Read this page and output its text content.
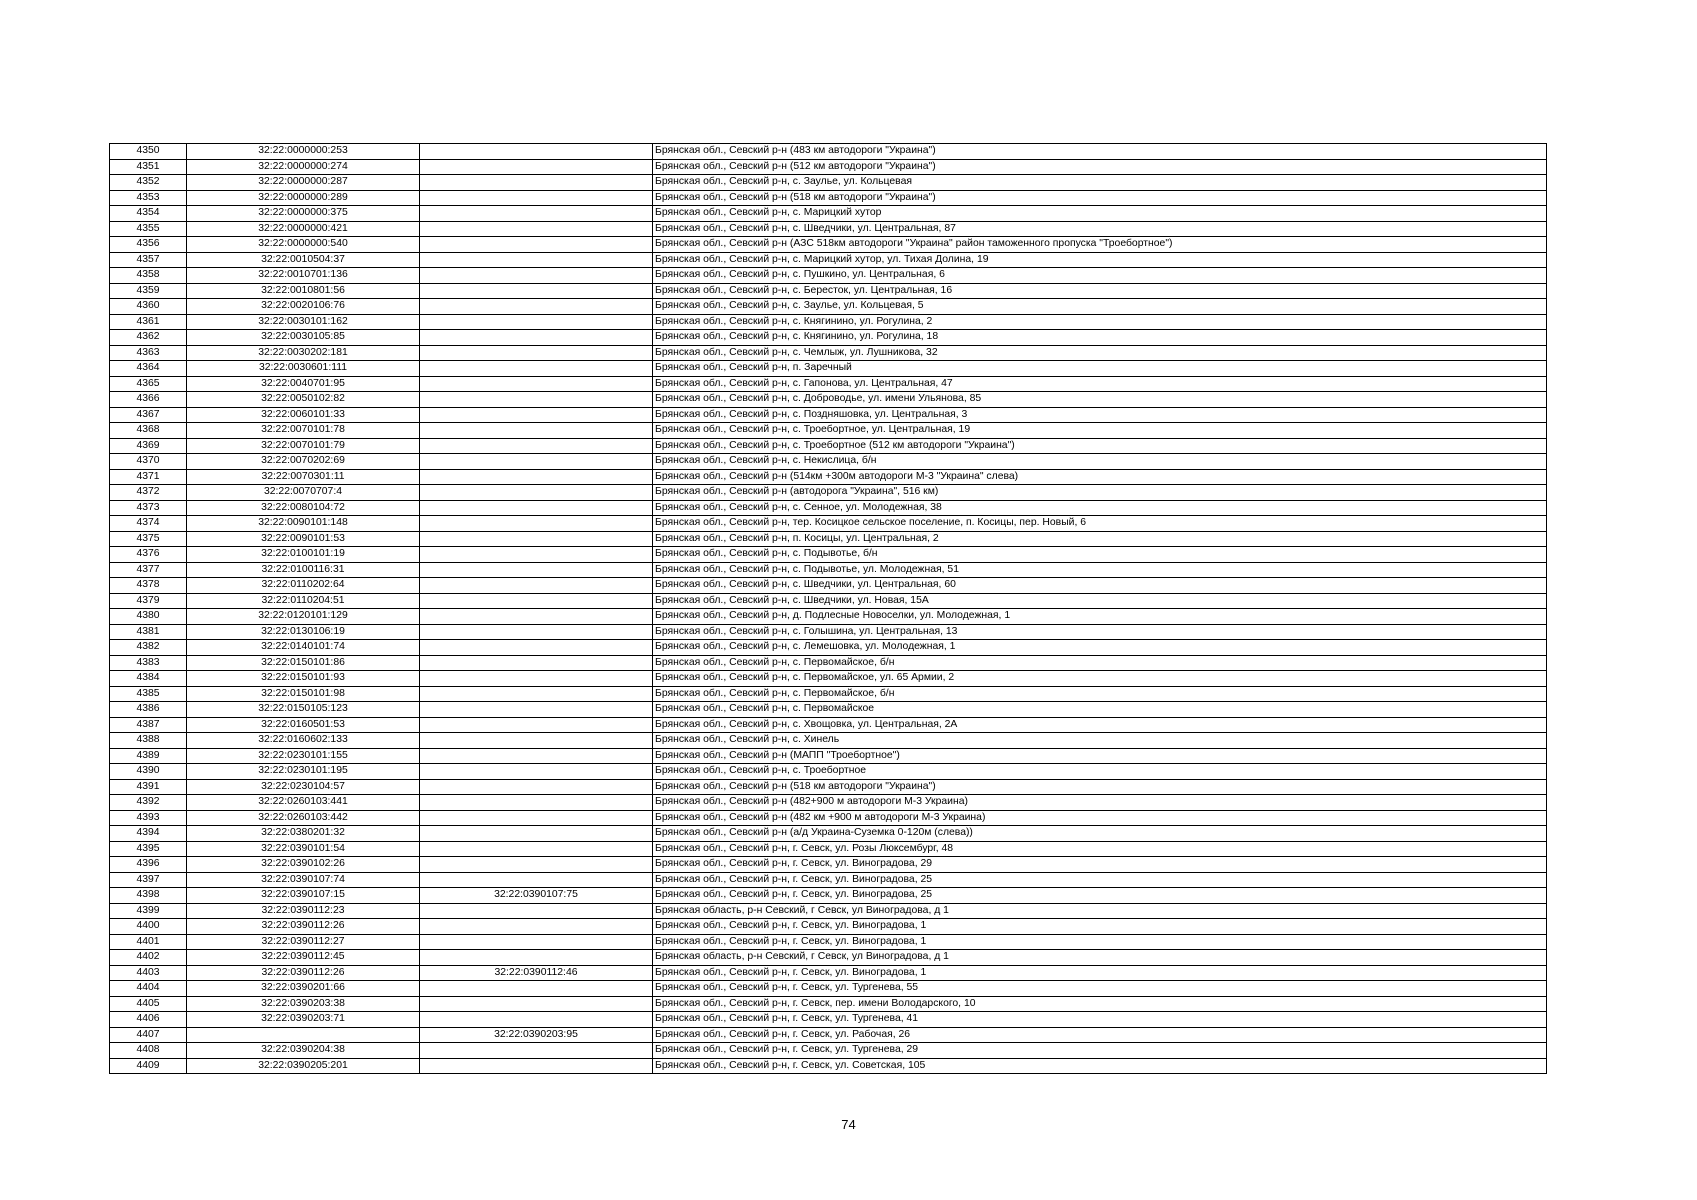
4350	32:22:0000000:253		Брянская обл., Севский р-н (483 км автодороги "Украина")
4351	32:22:0000000:274		Брянская обл., Севский р-н (512 км автодороги "Украина")
4352	32:22:0000000:287		Брянская обл., Севский р-н, с. Заулье, ул. Кольцевая
4353	32:22:0000000:289		Брянская обл., Севский р-н (518 км автодороги "Украина")
4354	32:22:0000000:375		Брянская обл., Севский р-н, с. Марицкий хутор
4355	32:22:0000000:421		Брянская обл., Севский р-н, с. Шведчики, ул. Центральная, 87
4356	32:22:0000000:540		Брянская обл., Севский р-н (АЗС 518км автодороги "Украина" район таможенного пропуска "Троебортное")
4357	32:22:0010504:37		Брянская обл., Севский р-н, с. Марицкий хутор, ул. Тихая Долина, 19
4358	32:22:0010701:136		Брянская обл., Севский р-н, с. Пушкино, ул. Центральная, 6
4359	32:22:0010801:56		Брянская обл., Севский р-н, с. Бересток, ул. Центральная, 16
4360	32:22:0020106:76		Брянская обл., Севский р-н, с. Заулье, ул. Кольцевая, 5
4361	32:22:0030101:162		Брянская обл., Севский р-н, с. Княгинино, ул. Рогулина, 2
4362	32:22:0030105:85		Брянская обл., Севский р-н, с. Княгинино, ул. Рогулина, 18
4363	32:22:0030202:181		Брянская обл., Севский р-н, с. Чемлыж, ул. Лушникова, 32
4364	32:22:0030601:111		Брянская обл., Севский р-н, п. Заречный
4365	32:22:0040701:95		Брянская обл., Севский р-н, с. Гапонова, ул. Центральная, 47
4366	32:22:0050102:82		Брянская обл., Севский р-н, с. Доброводье, ул. имени Ульянова, 85
4367	32:22:0060101:33		Брянская обл., Севский р-н, с. Поздняшовка, ул. Центральная, 3
4368	32:22:0070101:78		Брянская обл., Севский р-н, с. Троебортное, ул. Центральная, 19
4369	32:22:0070101:79		Брянская обл., Севский р-н, с. Троебортное (512 км автодороги "Украина")
4370	32:22:0070202:69		Брянская обл., Севский р-н, с. Некислица, б/н
4371	32:22:0070301:11		Брянская обл., Севский р-н (514км +300м автодороги М-3 "Украина" слева)
4372	32:22:0070707:4		Брянская обл., Севский р-н (автодорога "Украина", 516 км)
4373	32:22:0080104:72		Брянская обл., Севский р-н, с. Сенное, ул. Молодежная, 38
4374	32:22:0090101:148		Брянская обл., Севский р-н, тер. Косицкое сельское поселение, п. Косицы, пер. Новый, 6
4375	32:22:0090101:53		Брянская обл., Севский р-н, п. Косицы, ул. Центральная, 2
4376	32:22:0100101:19		Брянская обл., Севский р-н, с. Подывотье, б/н
4377	32:22:0100116:31		Брянская обл., Севский р-н, с. Подывотье, ул. Молодежная, 51
4378	32:22:0110202:64		Брянская обл., Севский р-н, с. Шведчики, ул. Центральная, 60
4379	32:22:0110204:51		Брянская обл., Севский р-н, с. Шведчики, ул. Новая, 15А
4380	32:22:0120101:129		Брянская обл., Севский р-н, д. Подлесные Новоселки, ул. Молодежная, 1
4381	32:22:0130106:19		Брянская обл., Севский р-н, с. Голышина, ул. Центральная, 13
4382	32:22:0140101:74		Брянская обл., Севский р-н, с. Лемешовка, ул. Молодежная, 1
4383	32:22:0150101:86		Брянская обл., Севский р-н, с. Первомайское, б/н
4384	32:22:0150101:93		Брянская обл., Севский р-н, с. Первомайское, ул. 65 Армии, 2
4385	32:22:0150101:98		Брянская обл., Севский р-н, с. Первомайское, б/н
4386	32:22:0150105:123		Брянская обл., Севский р-н, с. Первомайское
4387	32:22:0160501:53		Брянская обл., Севский р-н, с. Хвощовка, ул. Центральная, 2А
4388	32:22:0160602:133		Брянская обл., Севский р-н, с. Хинель
4389	32:22:0230101:155		Брянская обл., Севский р-н (МАПП "Троебортное")
4390	32:22:0230101:195		Брянская обл., Севский р-н, с. Троебортное
4391	32:22:0230104:57		Брянская обл., Севский р-н (518 км автодороги "Украина")
4392	32:22:0260103:441		Брянская обл., Севский р-н (482+900 м автодороги М-3 Украина)
4393	32:22:0260103:442		Брянская обл., Севский р-н (482 км +900 м автодороги М-3 Украина)
4394	32:22:0380201:32		Брянская обл., Севский р-н (а/д Украина-Суземка 0-120м (слева))
4395	32:22:0390101:54		Брянская обл., Севский р-н, г. Севск, ул. Розы Люксембург, 48
4396	32:22:0390102:26		Брянская обл., Севский р-н, г. Севск, ул. Виноградова, 29
4397	32:22:0390107:74		Брянская обл., Севский р-н, г. Севск, ул. Виноградова, 25
4398	32:22:0390107:15	32:22:0390107:75	Брянская обл., Севский р-н, г. Севск, ул. Виноградова, 25
4399	32:22:0390112:23		Брянская область, р-н Севский, г Севск, ул Виноградова, д 1
4400	32:22:0390112:26		Брянская обл., Севский р-н, г. Севск, ул. Виноградова, 1
4401	32:22:0390112:27		Брянская обл., Севский р-н, г. Севск, ул. Виноградова, 1
4402	32:22:0390112:45		Брянская область, р-н Севский, г Севск, ул Виноградова, д 1
4403	32:22:0390112:26	32:22:0390112:46	Брянская обл., Севский р-н, г. Севск, ул. Виноградова, 1
4404	32:22:0390201:66		Брянская обл., Севский р-н, г. Севск, ул. Тургенева, 55
4405	32:22:0390203:38		Брянская обл., Севский р-н, г. Севск, пер. имени Володарского, 10
4406	32:22:0390203:71		Брянская обл., Севский р-н, г. Севск, ул. Тургенева, 41
4407		32:22:0390203:95	Брянская обл., Севский р-н, г. Севск, ул. Рабочая, 26
4408	32:22:0390204:38		Брянская обл., Севский р-н, г. Севск, ул. Тургенева, 29
4409	32:22:0390205:201		Брянская обл., Севский р-н, г. Севск, ул. Советская, 105
74
